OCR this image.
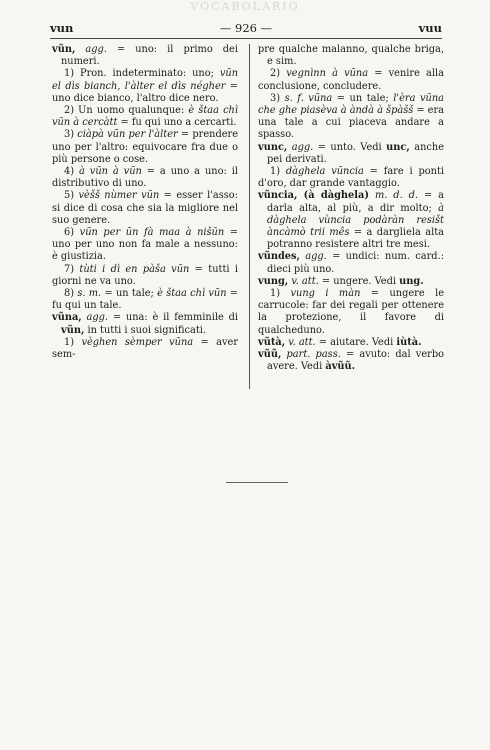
VOCABOLARIO
vun	— 926 —	vuu

vũn, agg. = uno: il primo dei numeri.

1) Pron. indeterminato: uno; vũn el dìs bianch, l'àlter el dìs négher = uno dice bianco, l'altro dice nero.

2) Un uomo qualunque: è štaa chì vũn à cercàtt = fu qui uno a cercarti.

3) ciàpà vũn per l'àlter = prendere uno per l'altro: equivocare fra due o più persone o cose.

4) à vũn à vũn = a uno a uno: il distributivo di uno.

5) vèšš nùmer vũn = esser l'asso: si dice di cosa che sia la migliore nel suo genere.

6) vũn per ũn fà maa à nišũn = uno per uno non fa male a nessuno: è giustizia.

7) tùti i dì en pàša vũn = tutti i giorni ne va uno.

8) s. m. = un tale; è štaa chì vũn = fu qui un tale.

vũna, agg. = una: è il femminile di vũn, in tutti i suoi significati.

1) vèghen sèmper vũna = aver sem-

pre qualche malanno, qualche briga, e sim.

2) vegnìnn à vũna = venire alla conclusione, concludere.

3) s. f. vũna = un tale; l'èra vũna che ghe piasèva à àndà à špàšš = era una tale a cui piaceva andare a spasso.

vunc, agg. = unto. Vedi unc, anche pei derivati.

1) dàghela vũncia = fare i ponti d'oro, dar grande vantaggio.

vũncia, (à dàghela) m. d. d. = a darla alta, al più, a dir molto; à dàghela vùncia podàràn resišt àncàmò trii mês = a dargliela alta potranno resistere altri tre mesi.

vũndes, agg. = undici: num. card.: dieci più uno.

vung, v. att. = ungere. Vedi ung.

1) vung i màn = ungere le carrucole: far dei regali per ottenere la protezione, il favore di qualcheduno.

vũtà, v. att. = aiutare. Vedi iùtà.

vũũ, part. pass. = avuto: dal verbo avere. Vedi àvũũ.
